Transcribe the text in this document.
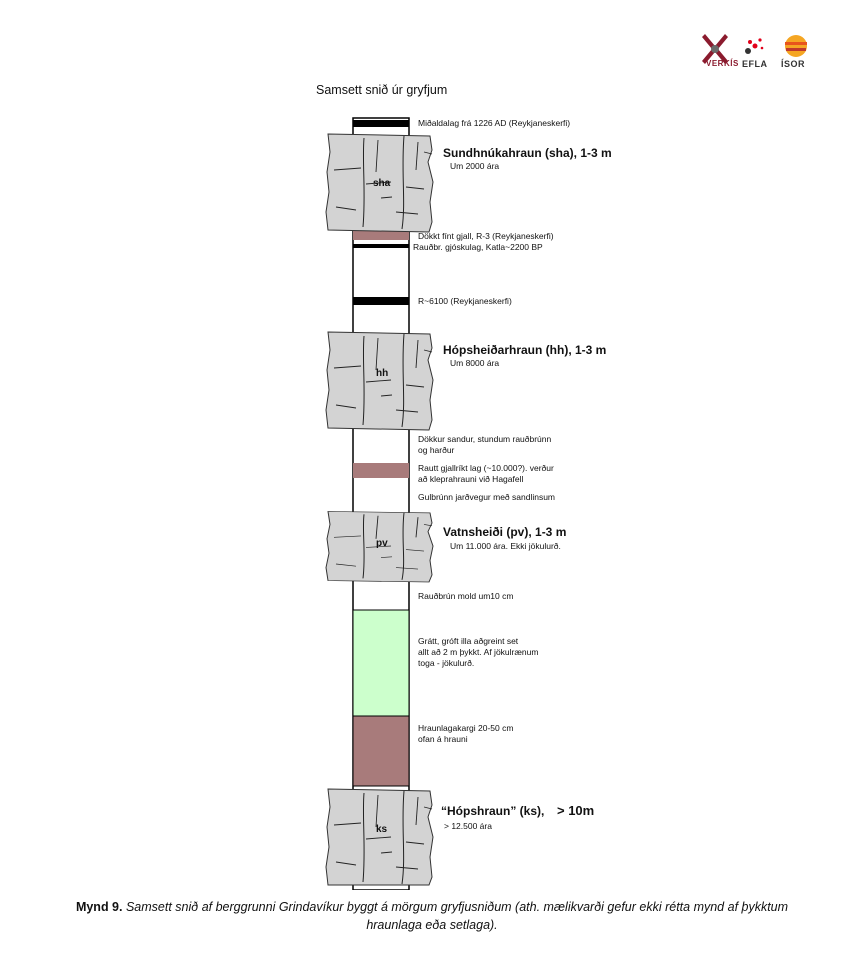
VERKÍS EFLA ÍSOR
Samsett snið úr gryfjum
sha
hh
pv
ks
Miðaldalag frá 1226 AD (Reykjaneskerfi)
Sundhnúkahraun (sha), 1-3 m
Um 2000 ára
Dökkt fínt gjall, R-3 (Reykjaneskerfi)
Rauðbr. gjóskulag, Katla~2200 BP
R~6100 (Reykjaneskerfi)
Hópsheiðarhraun (hh), 1-3 m
Um 8000 ára
Dökkur sandur, stundum rauðbrúnn
og harður
Rautt gjallríkt lag (~10.000?). verður
að kleprahrauni við Hagafell
Gulbrúnn jarðvegur með sandlinsum
Vatnsheiði (pv), 1-3 m
Um 11.000 ára. Ekki jökulurð.
Rauðbrún mold um10 cm
Grátt, gróft illa aðgreint set
allt að 2 m þykkt. Af jökulrænum
toga - jökulurð.
Hraunlagakargi 20-50 cm
ofan á hrauni
“Hópshraun” (ks), > 10m
> 12.500 ára
Mynd 9. Samsett snið af berggrunni Grindavíkur byggt á mörgum gryfjusniðum (ath. mælikvarði gefur ekki rétta mynd af þykktum hraunlaga eða setlaga).
